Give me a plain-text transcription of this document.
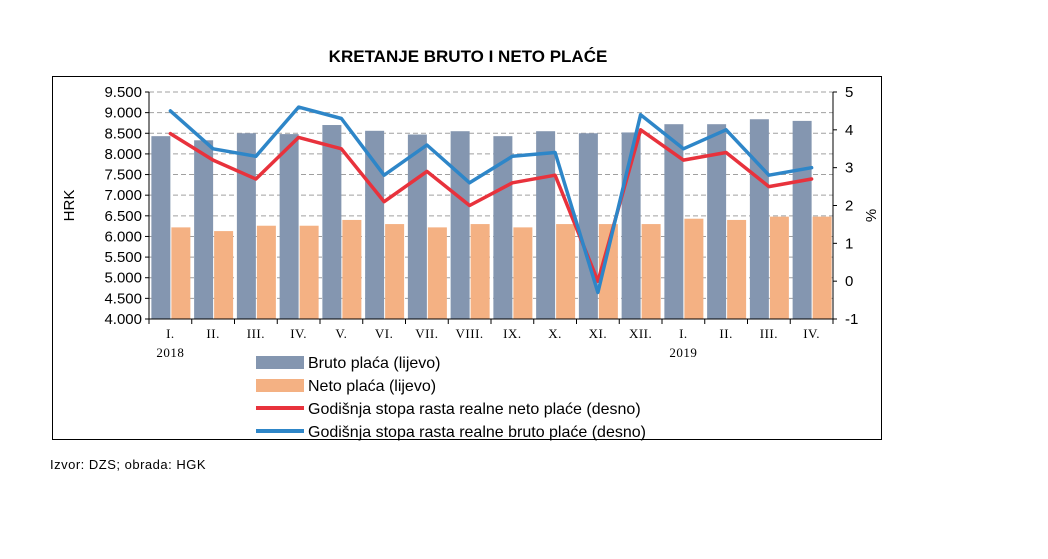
KRETANJE BRUTO I NETO PLAĆE
4.000
4.500
5.000
5.500
6.000
6.500
7.000
7.500
8.000
8.500
9.000
9.500
-1
0
1
2
3
4
5
HRK	%
I. II. III. IV. V. VI. VII. VIII. IX. X. XI. XII. I. II. III. IV.
2018	2019
Bruto plaća (lijevo)
Neto plaća (lijevo)
Godišnja stopa rasta realne neto plaće (desno)
Godišnja stopa rasta realne bruto plaće (desno)
Izvor: DZS; obrada: HGK
